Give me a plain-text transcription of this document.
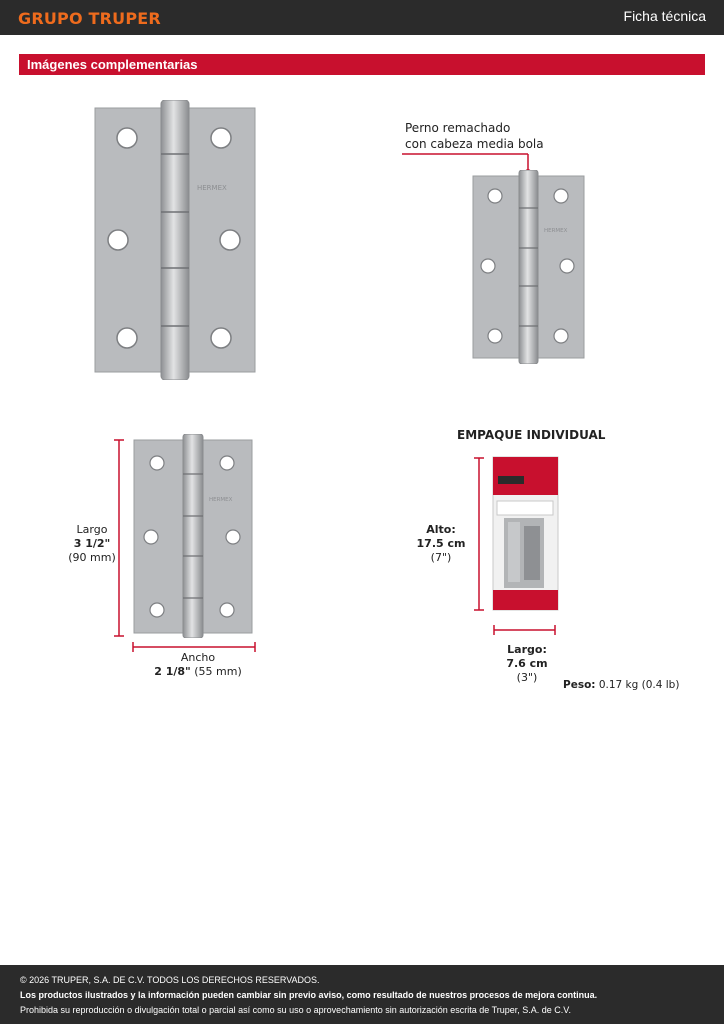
GRUPO TRUPER	Ficha técnica
Imágenes complementarias
HERMEX
Perno remachado
con cabeza media bola
HERMEX
HERMEX
Largo
3 1/2"
(90 mm)
Ancho
2 1/8" (55 mm)
EMPAQUE INDIVIDUAL
Alto:
17.5 cm
(7")
Largo:
7.6 cm
(3")
Peso: 0.17 kg (0.4 lb)
© 2026 TRUPER, S.A. DE C.V. TODOS LOS DERECHOS RESERVADOS.
Los productos ilustrados y la información pueden cambiar sin previo aviso, como resultado de nuestros procesos de mejora continua.
Prohibida su reproducción o divulgación total o parcial así como su uso o aprovechamiento sin autorización escrita de Truper, S.A. de C.V.
